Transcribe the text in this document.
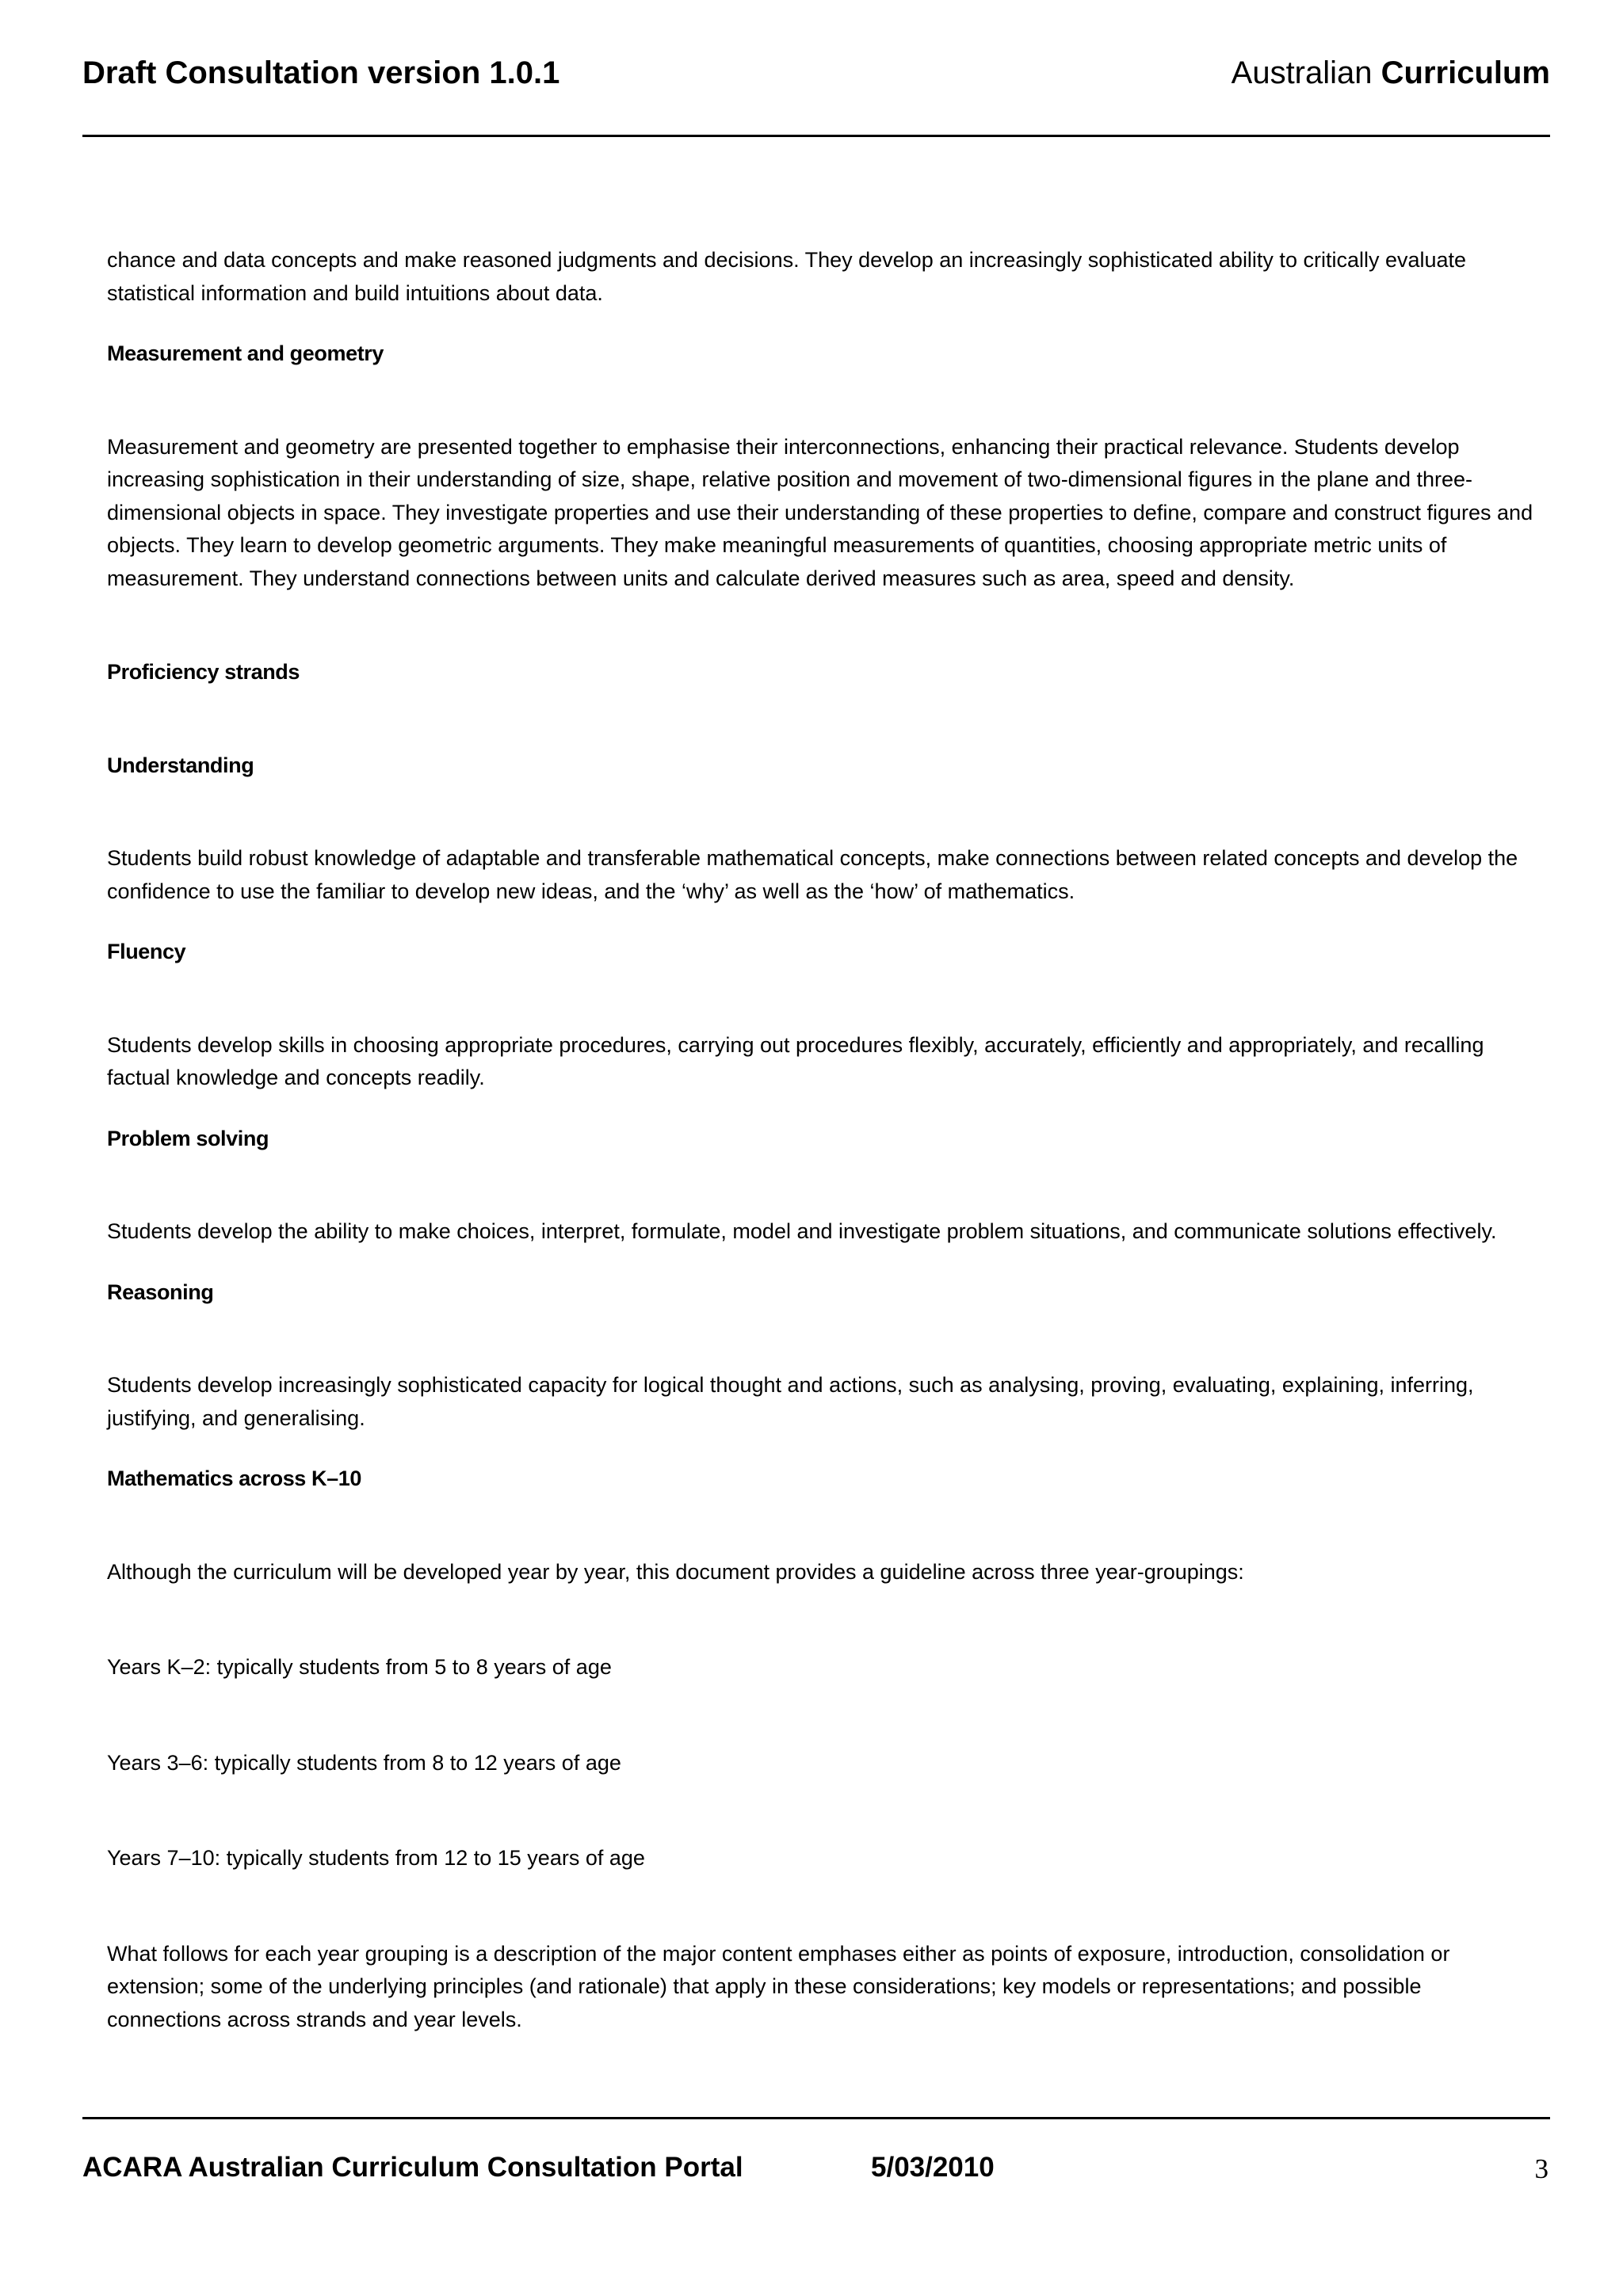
Draft Consultation version 1.0.1	Australian Curriculum

chance and data concepts and make reasoned judgments and decisions. They develop an increasingly sophisticated ability to critically evaluate statistical information and build intuitions about data.

Measurement and geometry

Measurement and geometry are presented together to emphasise their interconnections, enhancing their practical relevance. Students develop increasing sophistication in their understanding of size, shape, relative position and movement of two-dimensional figures in the plane and three-dimensional objects in space. They investigate properties and use their understanding of these properties to define, compare and construct figures and objects. They learn to develop geometric arguments. They make meaningful measurements of quantities, choosing appropriate metric units of measurement. They understand connections between units and calculate derived measures such as area, speed and density.

Proficiency strands
Understanding

Students build robust knowledge of adaptable and transferable mathematical concepts, make connections between related concepts and develop the confidence to use the familiar to develop new ideas, and the ‘why’ as well as the ‘how’ of mathematics.

Fluency

Students develop skills in choosing appropriate procedures, carrying out procedures flexibly, accurately, efficiently and appropriately, and recalling factual knowledge and concepts readily.

Problem solving

Students develop the ability to make choices, interpret, formulate, model and investigate problem situations, and communicate solutions effectively.

Reasoning

Students develop increasingly sophisticated capacity for logical thought and actions, such as analysing, proving, evaluating, explaining, inferring, justifying, and generalising.

Mathematics across K–10

Although the curriculum will be developed year by year, this document provides a guideline across three year-groupings:

Years K–2: typically students from 5 to 8 years of age

Years 3–6: typically students from 8 to 12 years of age

Years 7–10: typically students from 12 to 15 years of age

What follows for each year grouping is a description of the major content emphases either as points of exposure, introduction, consolidation or extension; some of the underlying principles (and rationale) that apply in these considerations; key models or representations; and possible connections across strands and year levels.

ACARA Australian Curriculum Consultation Portal	5/03/2010	3
